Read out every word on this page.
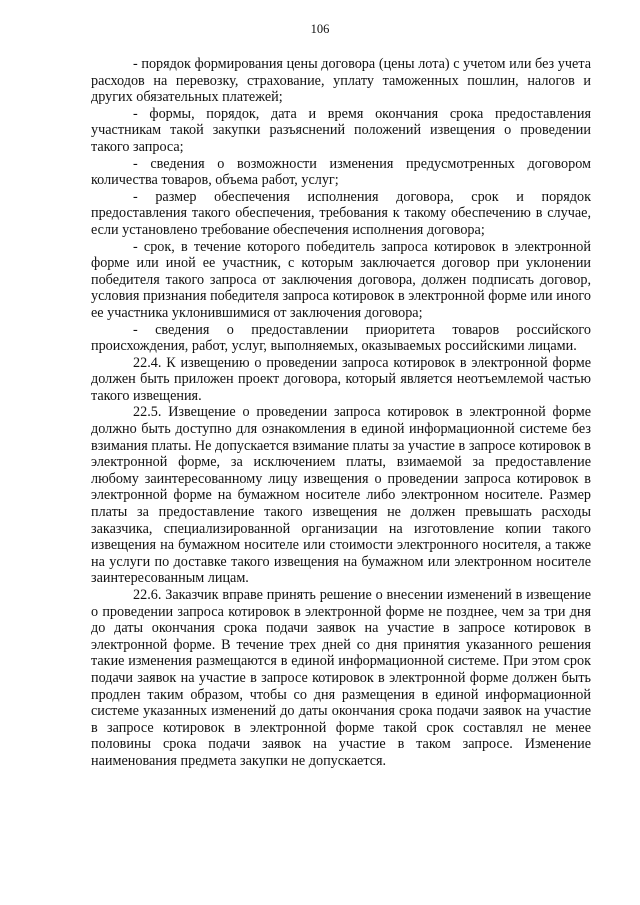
106

- порядок формирования цены договора (цены лота) с учетом или без учета расходов на перевозку, страхование, уплату таможенных пошлин, налогов и других обязательных платежей;

- формы, порядок, дата и время окончания срока предоставления участникам такой закупки разъяснений положений извещения о проведении такого запроса;

- сведения о возможности изменения предусмотренных договором количества товаров, объема работ, услуг;

- размер обеспечения исполнения договора, срок и порядок предоставления такого обеспечения, требования к такому обеспечению в случае, если установлено требование обеспечения исполнения договора;

- срок, в течение которого победитель запроса котировок в электронной форме или иной ее участник, с которым заключается договор при уклонении победителя такого запроса от заключения договора, должен подписать договор, условия признания победителя запроса котировок в электронной форме или иного ее участника уклонившимися от заключения договора;

- сведения о предоставлении приоритета товаров российского происхождения, работ, услуг, выполняемых, оказываемых российскими лицами.

22.4. К извещению о проведении запроса котировок в электронной форме должен быть приложен проект договора, который является неотъемлемой частью такого извещения.

22.5. Извещение о проведении запроса котировок в электронной форме должно быть доступно для ознакомления в единой информационной системе без взимания платы. Не допускается взимание платы за участие в запросе котировок в электронной форме, за исключением платы, взимаемой за предоставление любому заинтересованному лицу извещения о проведении запроса котировок в электронной форме на бумажном носителе либо электронном носителе. Размер платы за предоставление такого извещения не должен превышать расходы заказчика, специализированной организации на изготовление копии такого извещения на бумажном носителе или стоимости электронного носителя, а также на услуги по доставке такого извещения на бумажном или электронном носителе заинтересованным лицам.

22.6. Заказчик вправе принять решение о внесении изменений в извещение о проведении запроса котировок в электронной форме не позднее, чем за три дня до даты окончания срока подачи заявок на участие в запросе котировок в электронной форме. В течение трех дней со дня принятия указанного решения такие изменения размещаются в единой информационной системе. При этом срок подачи заявок на участие в запросе котировок в электронной форме должен быть продлен таким образом, чтобы со дня размещения в единой информационной системе указанных изменений до даты окончания срока подачи заявок на участие в запросе котировок в электронной форме такой срок составлял не менее половины срока подачи заявок на участие в таком запросе. Изменение наименования предмета закупки не допускается.
